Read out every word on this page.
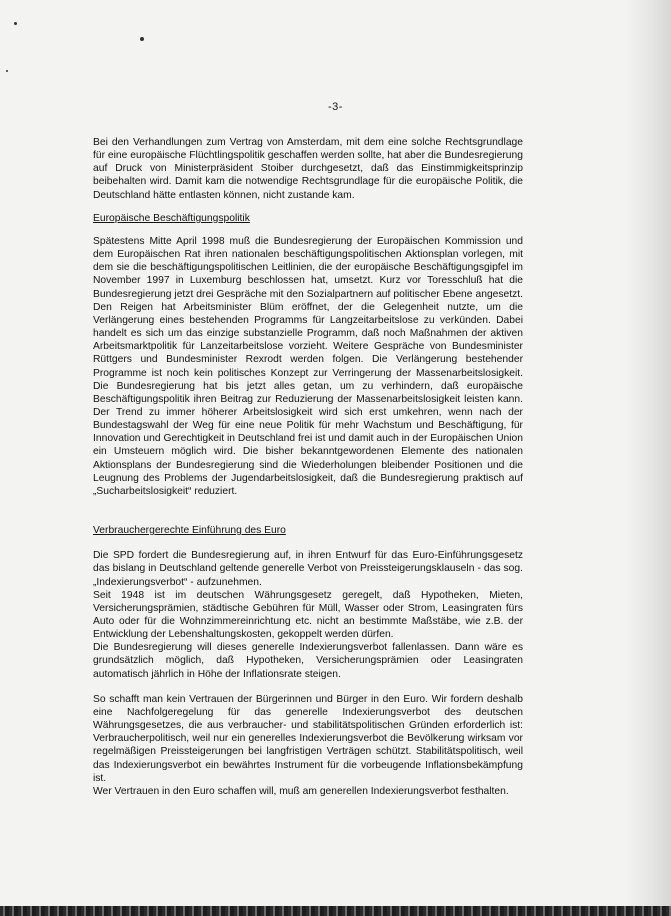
-3-

Bei den Verhandlungen zum Vertrag von Amsterdam, mit dem eine solche Rechtsgrundlage für eine europäische Flüchtlingspolitik geschaffen werden sollte, hat aber die Bundesregierung auf Druck von Ministerpräsident Stoiber durchgesetzt, daß das Einstimmigkeitsprinzip beibehalten wird. Damit kam die notwendige Rechtsgrundlage für die europäische Politik, die Deutschland hätte entlasten können, nicht zustande kam.

Europäische Beschäftigungspolitik

Spätestens Mitte April 1998 muß die Bundesregierung der Europäischen Kommission und dem Europäischen Rat ihren nationalen beschäftigungspolitischen Aktionsplan vorlegen, mit dem sie die beschäftigungspolitischen Leitlinien, die der europäische Beschäftigungsgipfel im November 1997 in Luxemburg beschlossen hat, umsetzt. Kurz vor Toresschluß hat die Bundesregierung jetzt drei Gespräche mit den Sozialpartnern auf politischer Ebene angesetzt. Den Reigen hat Arbeitsminister Blüm eröffnet, der die Gelegenheit nutzte, um die Verlängerung eines bestehenden Programms für Langzeitarbeitslose zu verkünden. Dabei handelt es sich um das einzige substanzielle Programm, daß noch Maßnahmen der aktiven Arbeitsmarktpolitik für Lanzeitarbeitslose vorzieht. Weitere Gespräche von Bundesminister Rüttgers und Bundesminister Rexrodt werden folgen. Die Verlängerung bestehender Programme ist noch kein politisches Konzept zur Verringerung der Massenarbeitslosigkeit. Die Bundesregierung hat bis jetzt alles getan, um zu verhindern, daß europäische Beschäftigungspolitik ihren Beitrag zur Reduzierung der Massenarbeitslosigkeit leisten kann. Der Trend zu immer höherer Arbeitslosigkeit wird sich erst umkehren, wenn nach der Bundestagswahl der Weg für eine neue Politik für mehr Wachstum und Beschäftigung, für Innovation und Gerechtigkeit in Deutschland frei ist und damit auch in der Europäischen Union ein Umsteuern möglich wird. Die bisher bekanntgewordenen Elemente des nationalen Aktionsplans der Bundesregierung sind die Wiederholungen bleibender Positionen und die Leugnung des Problems der Jugendarbeitslosigkeit, daß die Bundesregierung praktisch auf „Sucharbeitslosigkeit“ reduziert.

Verbrauchergerechte Einführung des Euro

Die SPD fordert die Bundesregierung auf, in ihren Entwurf für das Euro-Einführungsgesetz das bislang in Deutschland geltende generelle Verbot von Preissteigerungsklauseln - das sog. „Indexierungsverbot“ - aufzunehmen.

Seit 1948 ist im deutschen Währungsgesetz geregelt, daß Hypotheken, Mieten, Versicherungsprämien, städtische Gebühren für Müll, Wasser oder Strom, Leasingraten fürs Auto oder für die Wohnzimmereinrichtung etc. nicht an bestimmte Maßstäbe, wie z.B. der Entwicklung der Lebenshaltungskosten, gekoppelt werden dürfen.

Die Bundesregierung will dieses generelle Indexierungsverbot fallenlassen. Dann wäre es grundsätzlich möglich, daß Hypotheken, Versicherungsprämien oder Leasingraten automatisch jährlich in Höhe der Inflationsrate steigen.

So schafft man kein Vertrauen der Bürgerinnen und Bürger in den Euro. Wir fordern deshalb eine Nachfolgeregelung für das generelle Indexierungsverbot des deutschen Währungsgesetzes, die aus verbraucher- und stabilitätspolitischen Gründen erforderlich ist: Verbraucherpolitisch, weil nur ein generelles Indexierungsverbot die Bevölkerung wirksam vor regelmäßigen Preissteigerungen bei langfristigen Verträgen schützt. Stabilitätspolitisch, weil das Indexierungsverbot ein bewährtes Instrument für die vorbeugende Inflationsbekämpfung ist.

Wer Vertrauen in den Euro schaffen will, muß am generellen Indexierungsverbot festhalten.
